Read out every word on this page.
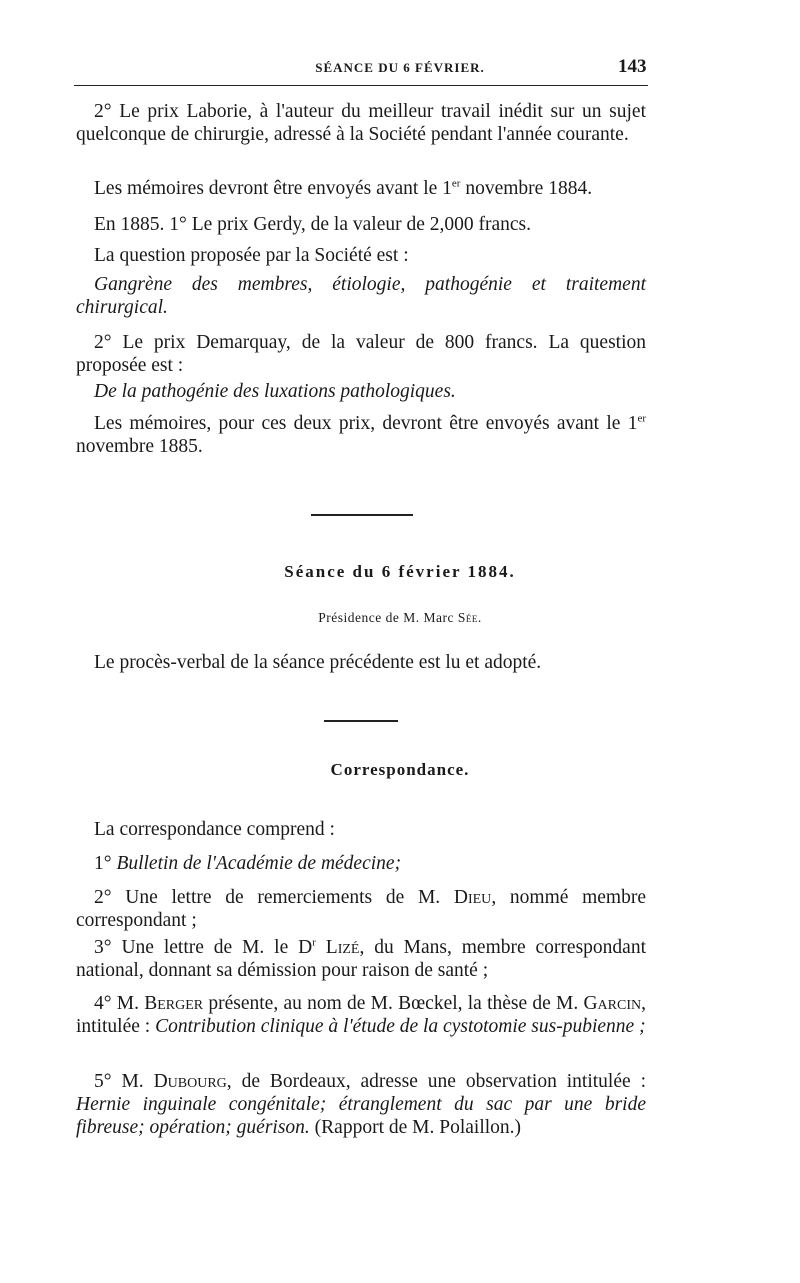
SÉANCE DU 6 FÉVRIER.	143
2° Le prix Laborie, à l'auteur du meilleur travail inédit sur un sujet quelconque de chirurgie, adressé à la Société pendant l'année courante.
Les mémoires devront être envoyés avant le 1er novembre 1884.
En 1885. 1° Le prix Gerdy, de la valeur de 2,000 francs.
La question proposée par la Société est :
Gangrène des membres, étiologie, pathogénie et traitement chirurgical.
2° Le prix Demarquay, de la valeur de 800 francs. La question proposée est :
De la pathogénie des luxations pathologiques.
Les mémoires, pour ces deux prix, devront être envoyés avant le 1er novembre 1885.
Séance du 6 février 1884.
Présidence de M. Marc Sée.
Le procès-verbal de la séance précédente est lu et adopté.
Correspondance.
La correspondance comprend :
1° Bulletin de l'Académie de médecine;
2° Une lettre de remerciements de M. Dieu, nommé membre correspondant ;
3° Une lettre de M. le $D^r$ Lizé, du Mans, membre correspondant national, donnant sa démission pour raison de santé ;
4° M. Berger présente, au nom de M. Bœckel, la thèse de M. Garcin, intitulée : Contribution clinique à l'étude de la cystotomie sus-pubienne ;
5° M. Dubourg, de Bordeaux, adresse une observation intitulée : Hernie inguinale congénitale; étranglement du sac par une bride fibreuse; opération; guérison. (Rapport de M. Polaillon.)
